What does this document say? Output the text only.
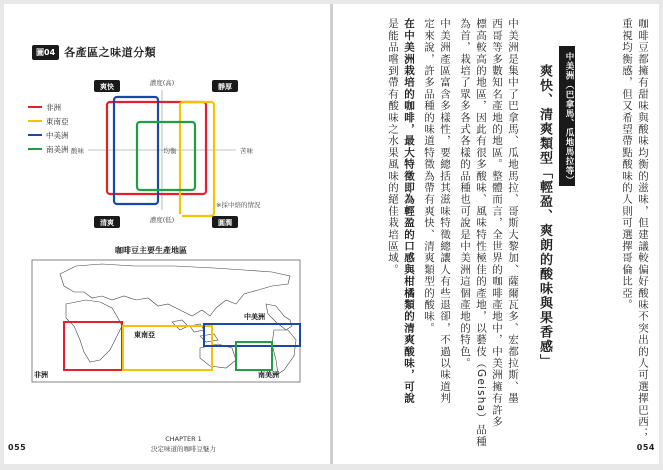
圖04 各產區之味道分類
非洲
東南亞
中美洲
南美洲
濃度(高)
濃度(低)
酸味	苦味
均衡
爽快	靜厚
清爽	圓潤
非洲
東南亞
中美洲
南美洲
※採中焙的情況
咖啡豆主要生產地區
055
CHAPTER 1
決定味道的咖啡豆魅力
咖啡豆都擁有甜味與酸味均衡的滋味，但建議較偏好酸味不突出的人可選擇巴西；
重視均衡感，但又希望帶點酸味的人則可選擇哥倫比亞。
中美洲（巴拿馬、瓜地馬拉等）
爽快、清爽類型「輕盈、爽朗的酸味與果香感」
中美洲是集中了巴拿馬、瓜地馬拉、哥斯大黎加、薩爾瓦多、宏都拉斯、墨
西哥等多數知名產地的地區。整體而言，全世界的咖啡產地中，中美洲擁有許多
標高較高的地區，因此有很多酸味、風味特性極佳的產地，以藝伎（Geisha）品種
為首，栽培了眾多各式各樣的品種也可說是中美洲這個產地的特色。
中美洲產區富含多樣性，要總括其滋味特徵總讓人有些退卻，不過以味道判
定來說，許多品種的味道特徵為帶有爽快、清爽類型的酸味。
在中美洲栽培的咖啡，最大特徵即為輕盈的口感與柑橘類的清爽酸味，可說
是能品嚐到帶有酸味之水果風味的絕佳栽培區域。
054
